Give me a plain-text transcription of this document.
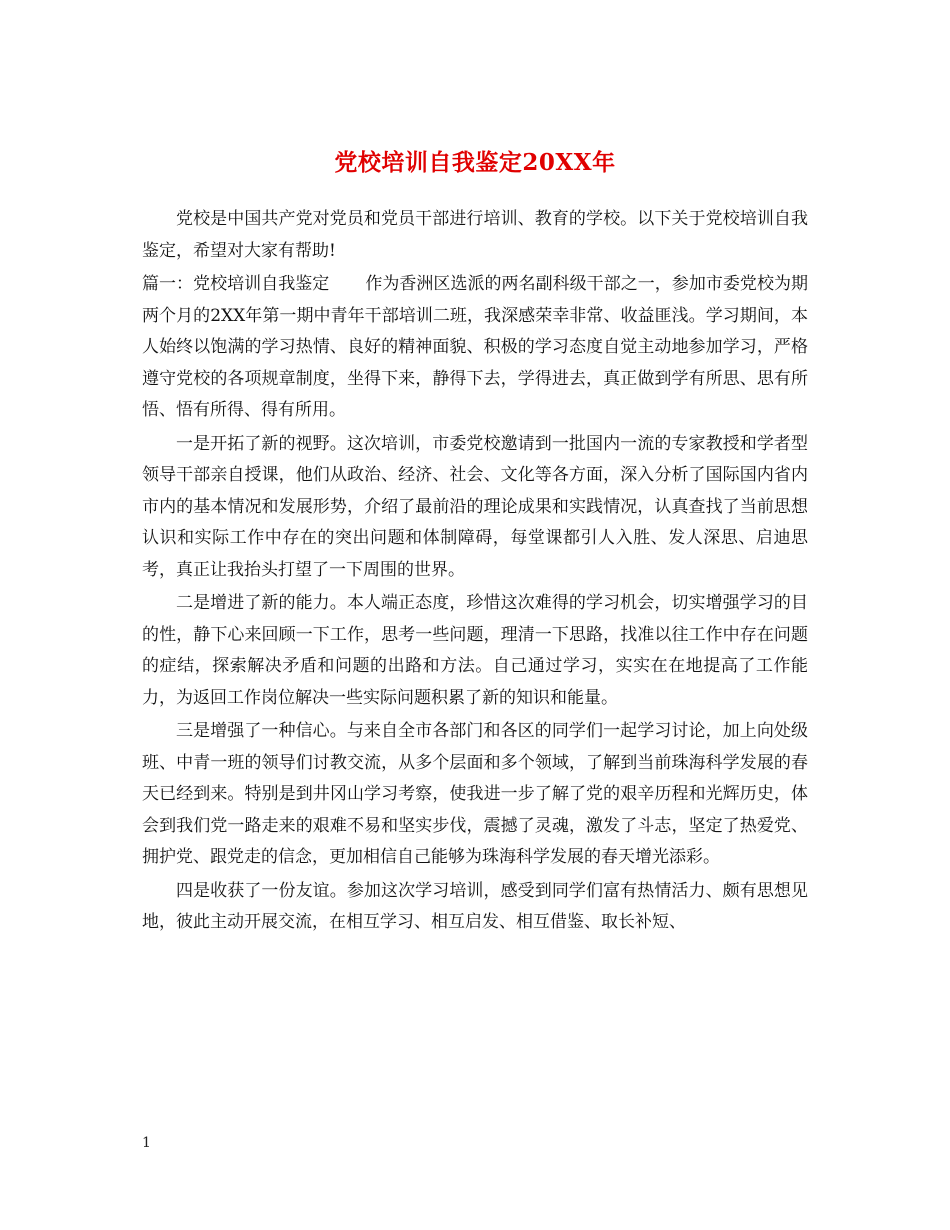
党校培训自我鉴定20XX年

党校是中国共产党对党员和党员干部进行培训、教育的学校。以下关于党校培训自我鉴定，希望对大家有帮助!

篇一：党校培训自我鉴定 作为香洲区选派的两名副科级干部之一，参加市委党校为期两个月的2XX年第一期中青年干部培训二班，我深感荣幸非常、收益匪浅。学习期间，本人始终以饱满的学习热情、良好的精神面貌、积极的学习态度自觉主动地参加学习，严格遵守党校的各项规章制度，坐得下来，静得下去，学得进去，真正做到学有所思、思有所悟、悟有所得、得有所用。

一是开拓了新的视野。这次培训，市委党校邀请到一批国内一流的专家教授和学者型领导干部亲自授课，他们从政治、经济、社会、文化等各方面，深入分析了国际国内省内市内的基本情况和发展形势，介绍了最前沿的理论成果和实践情况，认真查找了当前思想认识和实际工作中存在的突出问题和体制障碍，每堂课都引人入胜、发人深思、启迪思考，真正让我抬头打望了一下周围的世界。

二是增进了新的能力。本人端正态度，珍惜这次难得的学习机会，切实增强学习的目的性，静下心来回顾一下工作，思考一些问题，理清一下思路，找准以往工作中存在问题的症结，探索解决矛盾和问题的出路和方法。自己通过学习，实实在在地提高了工作能力，为返回工作岗位解决一些实际问题积累了新的知识和能量。

三是增强了一种信心。与来自全市各部门和各区的同学们一起学习讨论，加上向处级班、中青一班的领导们讨教交流，从多个层面和多个领域，了解到当前珠海科学发展的春天已经到来。特别是到井冈山学习考察，使我进一步了解了党的艰辛历程和光辉历史，体会到我们党一路走来的艰难不易和坚实步伐，震撼了灵魂，激发了斗志，坚定了热爱党、拥护党、跟党走的信念，更加相信自己能够为珠海科学发展的春天增光添彩。

四是收获了一份友谊。参加这次学习培训，感受到同学们富有热情活力、颇有思想见地，彼此主动开展交流，在相互学习、相互启发、相互借鉴、取长补短、

1
